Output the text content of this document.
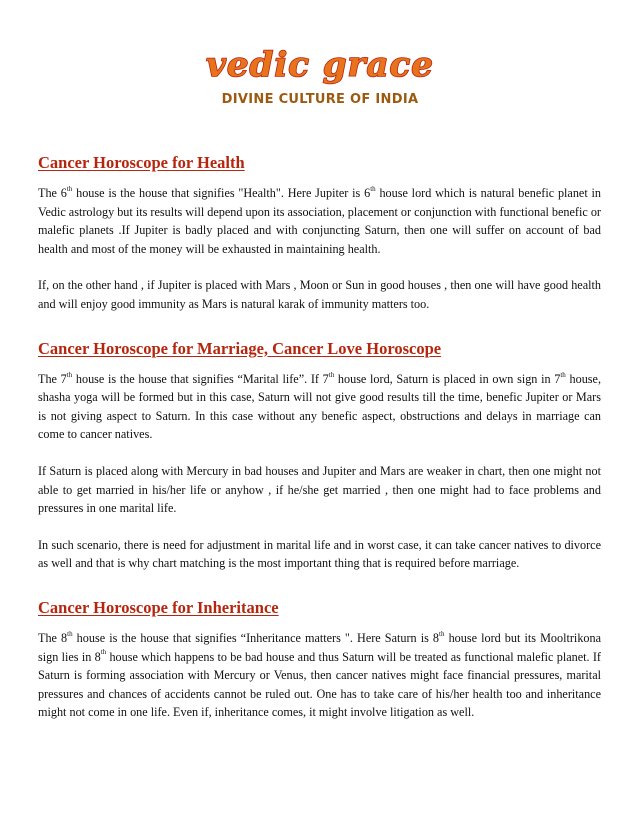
vedic grace
DIVINE CULTURE OF INDIA
Cancer Horoscope for Health

The 6th house is the house that signifies "Health". Here Jupiter is 6th house lord which is natural benefic planet in Vedic astrology but its results will depend upon its association, placement or conjunction with functional benefic or malefic planets .If Jupiter is badly placed and with conjuncting Saturn, then one will suffer on account of bad health and most of the money will be exhausted in maintaining health.

If, on the other hand , if Jupiter is placed with Mars , Moon or Sun in good houses , then one will have good health and will enjoy good immunity as Mars is natural karak of immunity matters too.

Cancer Horoscope for Marriage, Cancer Love Horoscope

The 7th house is the house that signifies “Marital life”. If 7th house lord, Saturn is placed in own sign in 7th house, shasha yoga will be formed but in this case, Saturn will not give good results till the time, benefic Jupiter or Mars is not giving aspect to Saturn. In this case without any benefic aspect, obstructions and delays in marriage can come to cancer natives.

If Saturn is placed along with Mercury in bad houses and Jupiter and Mars are weaker in chart, then one might not able to get married in his/her life or anyhow , if he/she get married , then one might had to face problems and pressures in one marital life.

In such scenario, there is need for adjustment in marital life and in worst case, it can take cancer natives to divorce as well and that is why chart matching is the most important thing that is required before marriage.

Cancer Horoscope for Inheritance

The 8th house is the house that signifies “Inheritance matters ". Here Saturn is 8th house lord but its Mooltrikona sign lies in 8th house which happens to be bad house and thus Saturn will be treated as functional malefic planet. If Saturn is forming association with Mercury or Venus, then cancer natives might face financial pressures, marital pressures and chances of accidents cannot be ruled out. One has to take care of his/her health too and inheritance might not come in one life. Even if, inheritance comes, it might involve litigation as well.
